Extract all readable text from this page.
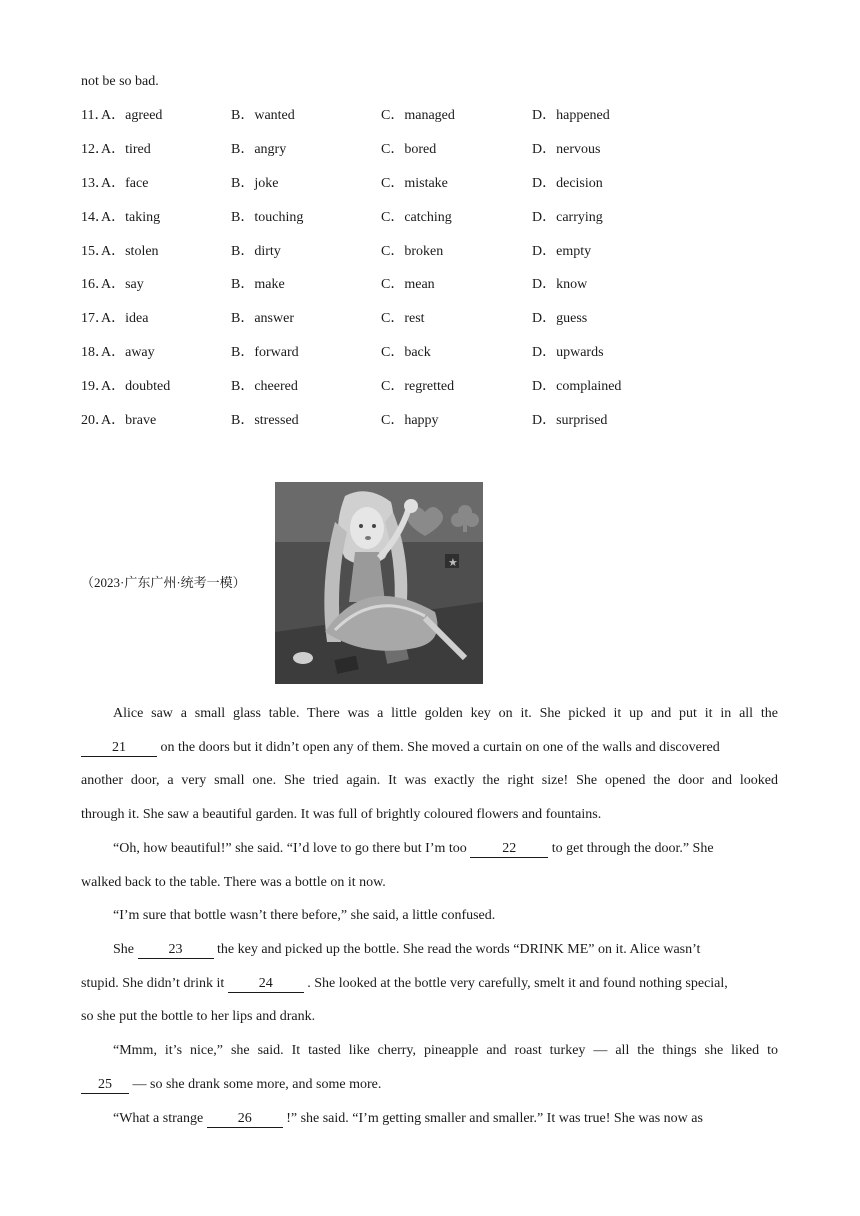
not be so bad.
11．
A．agreed	B．wanted	C．managed	D．happened
12．
A．tired	B．angry	C．bored	D．nervous
13．
A．face	B．joke	C．mistake	D．decision
14．
A．taking	B．touching	C．catching	D．carrying
15．
A．stolen	B．dirty	C．broken	D．empty
16．
A．say	B．make	C．mean	D．know
17．
A．idea	B．answer	C．rest	D．guess
18．
A．away	B．forward	C．back	D．upwards
19．
A．doubted	B．cheered	C．regretted	D．complained
20．
A．brave	B．stressed	C．happy	D．surprised
（2023·广东广州·统考一模）
★
Alice saw a small glass table. There was a little golden key on it. She picked it up and put it in all the
21 on the doors but it didn’t open any of them. She moved a curtain on one of the walls and discovered
another door, a very small one. She tried again. It was exactly the right size! She opened the door and looked
through it. She saw a beautiful garden. It was full of brightly coloured flowers and fountains.
“Oh, how beautiful!” she said. “I’d love to go there but I’m too 22 to get through the door.” She
walked back to the table. There was a bottle on it now.
“I’m sure that bottle wasn’t there before,” she said, a little confused.
She 23 the key and picked up the bottle. She read the words “DRINK ME” on it. Alice wasn’t
stupid. She didn’t drink it 24 . She looked at the bottle very carefully, smelt it and found nothing special,
so she put the bottle to her lips and drank.
“Mmm, it’s nice,” she said. It tasted like cherry, pineapple and roast turkey — all the things she liked to
25 — so she drank some more, and some more.
“What a strange 26 !” she said. “I’m getting smaller and smaller.” It was true! She was now as
